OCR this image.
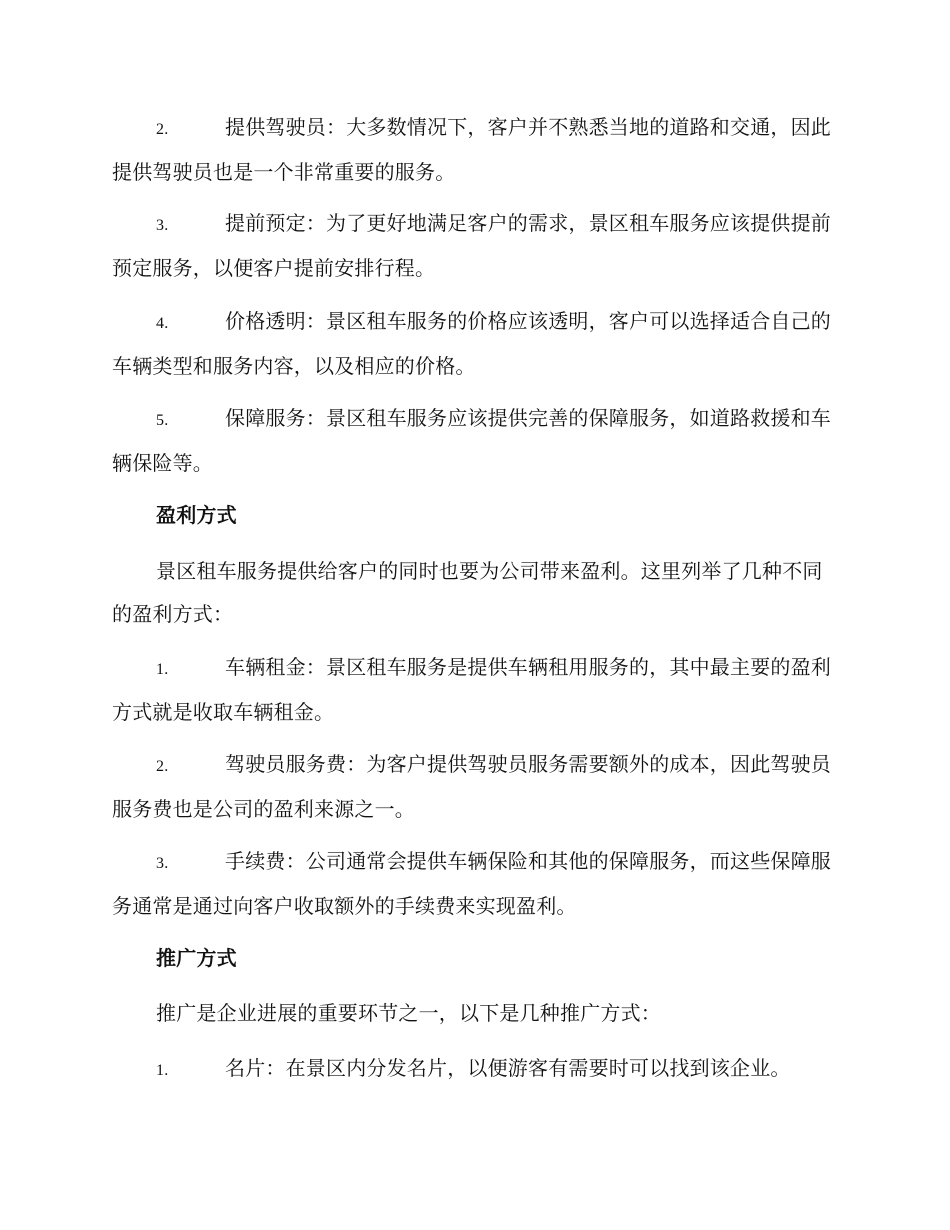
2.	提供驾驶员：大多数情况下，客户并不熟悉当地的道路和交通，因此提供驾驶员也是一个非常重要的服务。
3.	提前预定：为了更好地满足客户的需求，景区租车服务应该提供提前预定服务，以便客户提前安排行程。
4.	价格透明：景区租车服务的价格应该透明，客户可以选择适合自己的车辆类型和服务内容，以及相应的价格。
5.	保障服务：景区租车服务应该提供完善的保障服务，如道路救援和车辆保险等。
盈利方式
景区租车服务提供给客户的同时也要为公司带来盈利。这里列举了几种不同的盈利方式：
1.	车辆租金：景区租车服务是提供车辆租用服务的，其中最主要的盈利方式就是收取车辆租金。
2.	驾驶员服务费：为客户提供驾驶员服务需要额外的成本，因此驾驶员服务费也是公司的盈利来源之一。
3.	手续费：公司通常会提供车辆保险和其他的保障服务，而这些保障服务通常是通过向客户收取额外的手续费来实现盈利。
推广方式
推广是企业进展的重要环节之一，以下是几种推广方式：
1.	名片：在景区内分发名片，以便游客有需要时可以找到该企业。
